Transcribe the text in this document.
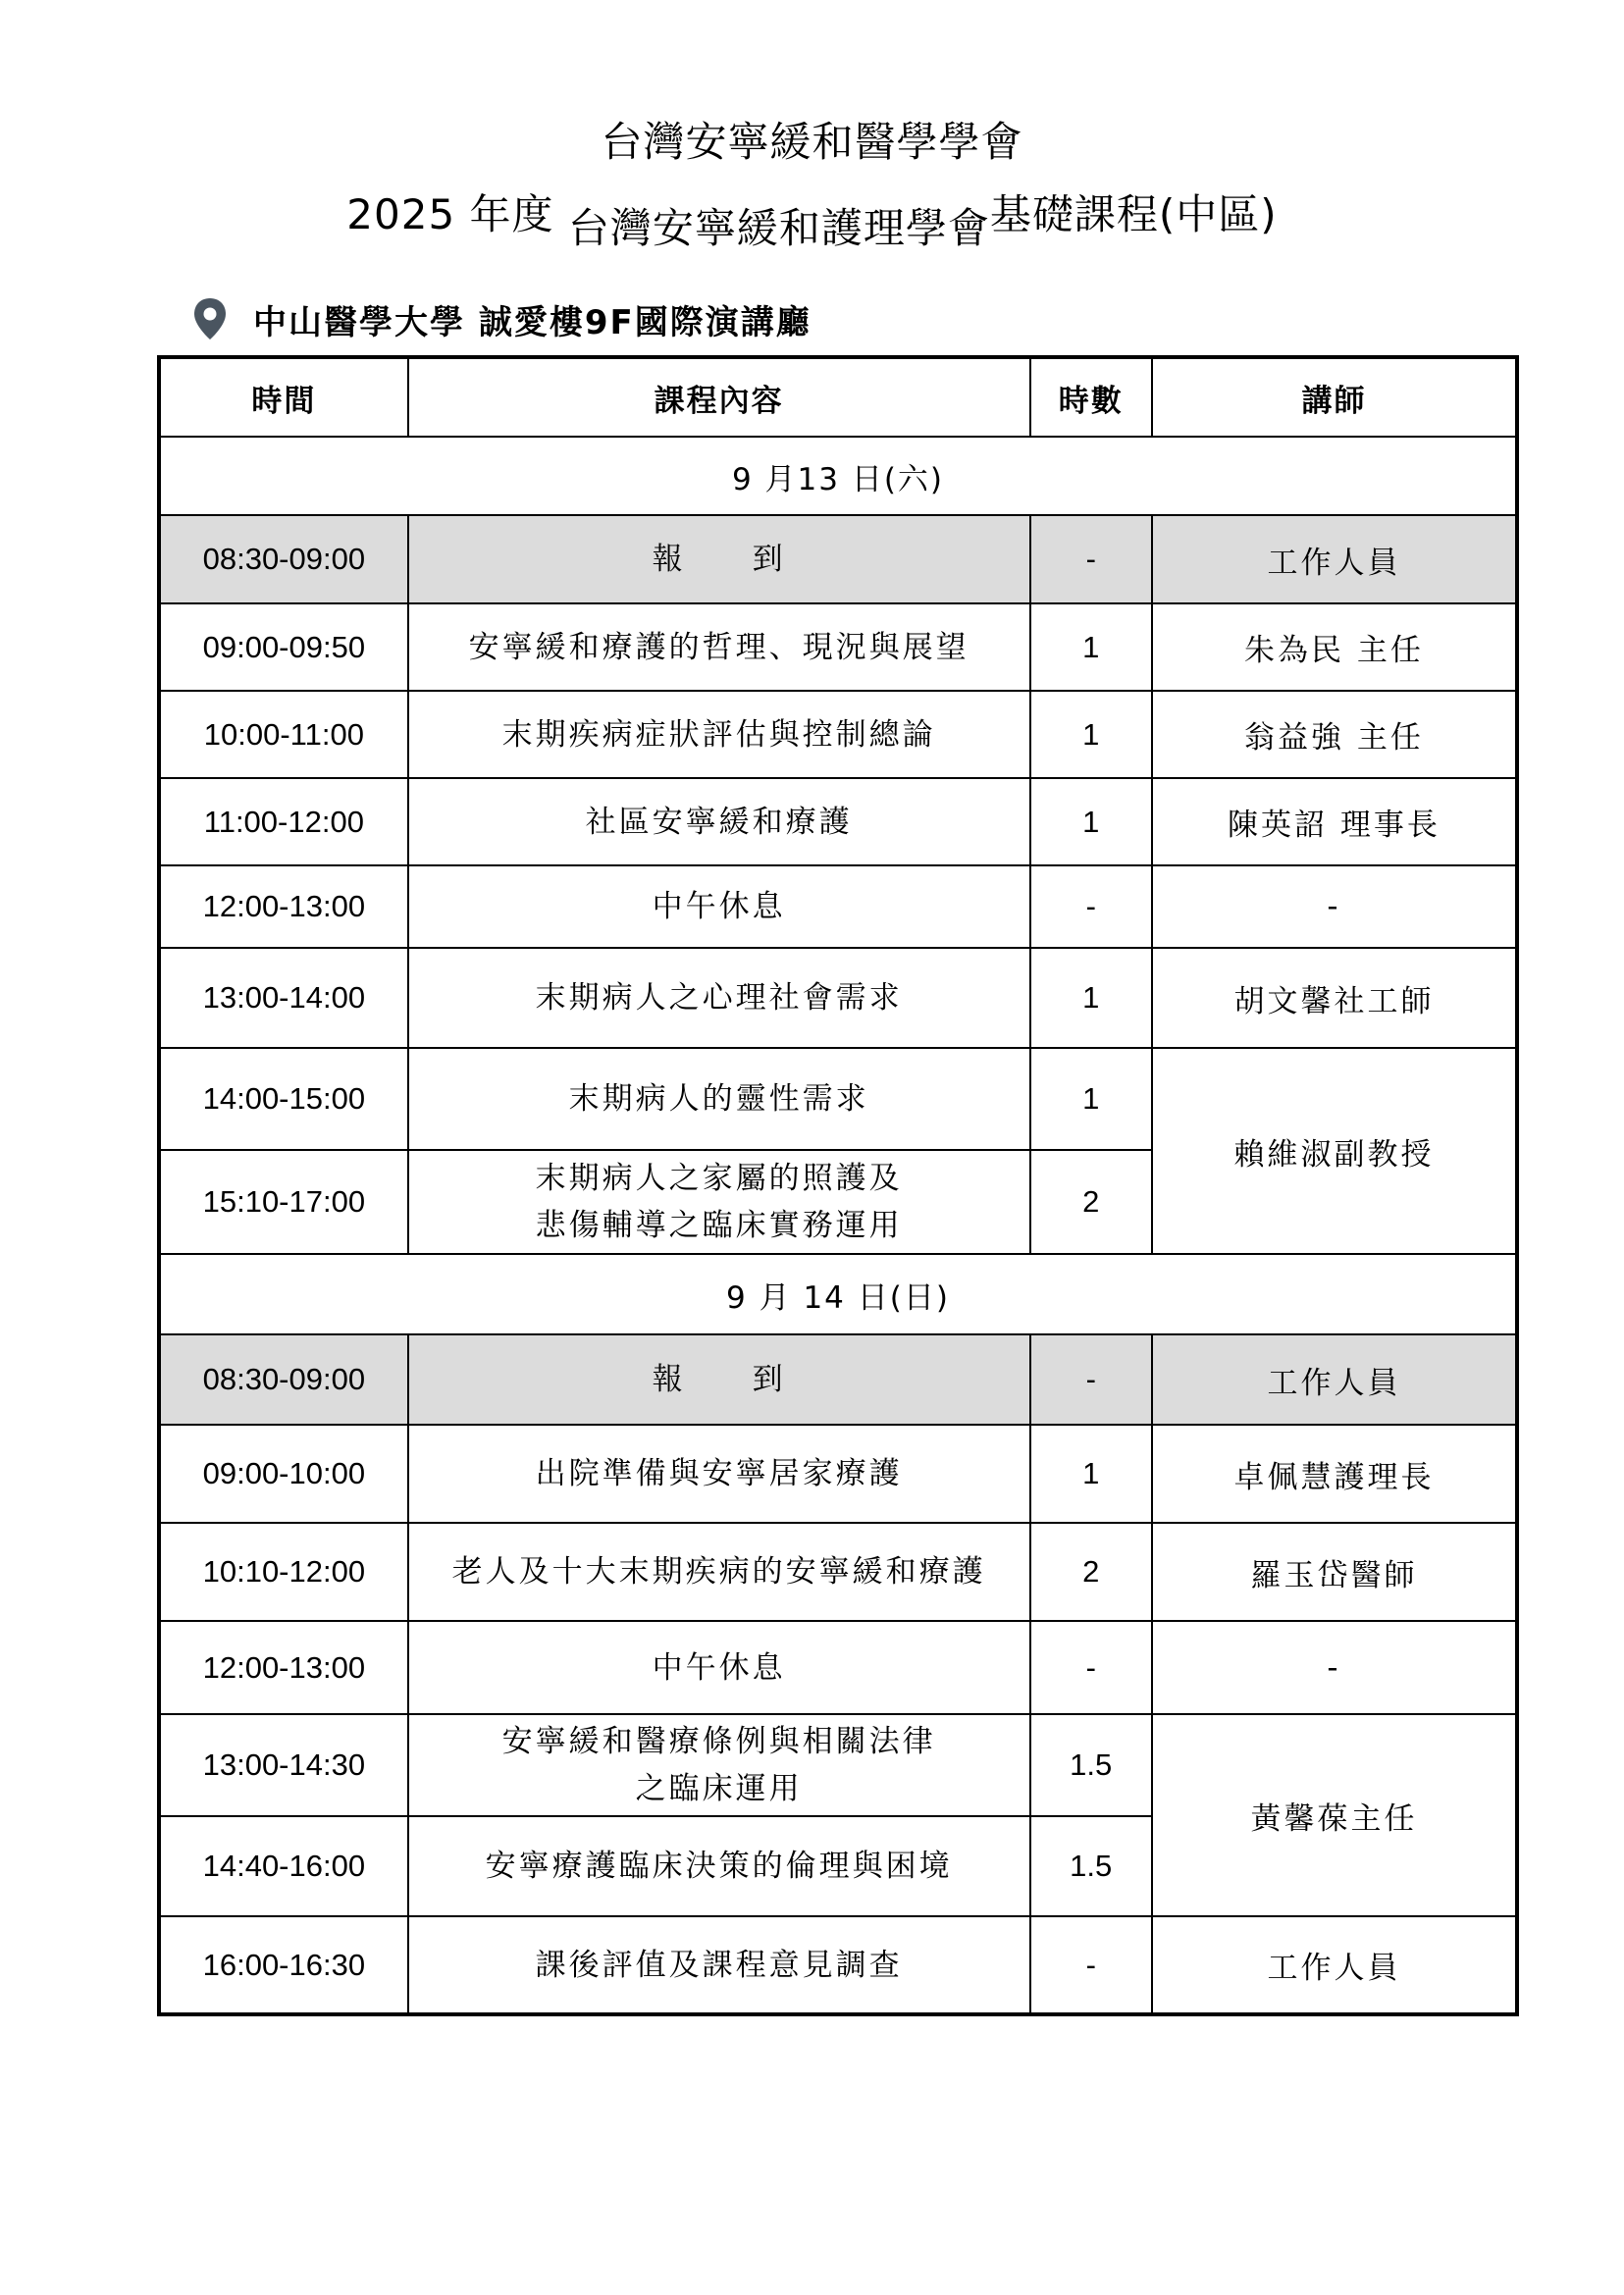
台灣安寧緩和醫學學會
2025 年度 台灣安寧緩和護理學會基礎課程(中區)
中山醫學大學 誠愛樓9F國際演講廳
時間	課程內容	時數	講師
9 月13 日(六)			
08:30-09:00	報　　到	-	工作人員
09:00-09:50	安寧緩和療護的哲理、現況與展望	1	朱為民 主任
10:00-11:00	末期疾病症狀評估與控制總論	1	翁益強 主任
11:00-12:00	社區安寧緩和療護	1	陳英詔 理事長
12:00-13:00	中午休息	-	-
13:00-14:00	末期病人之心理社會需求	1	胡文馨社工師
14:00-15:00	末期病人的靈性需求	1	賴維淑副教授
15:10-17:00	末期病人之家屬的照護及
悲傷輔導之臨床實務運用	2	
9 月 14 日(日)			
08:30-09:00	報　　到	-	工作人員
09:00-10:00	出院準備與安寧居家療護	1	卓佩慧護理長
10:10-12:00	老人及十大末期疾病的安寧緩和療護	2	羅玉岱醫師
12:00-13:00	中午休息	-	-
13:00-14:30	安寧緩和醫療條例與相關法律
之臨床運用	1.5	黃馨葆主任
14:40-16:00	安寧療護臨床決策的倫理與困境	1.5	
16:00-16:30	課後評值及課程意見調查	-	工作人員
